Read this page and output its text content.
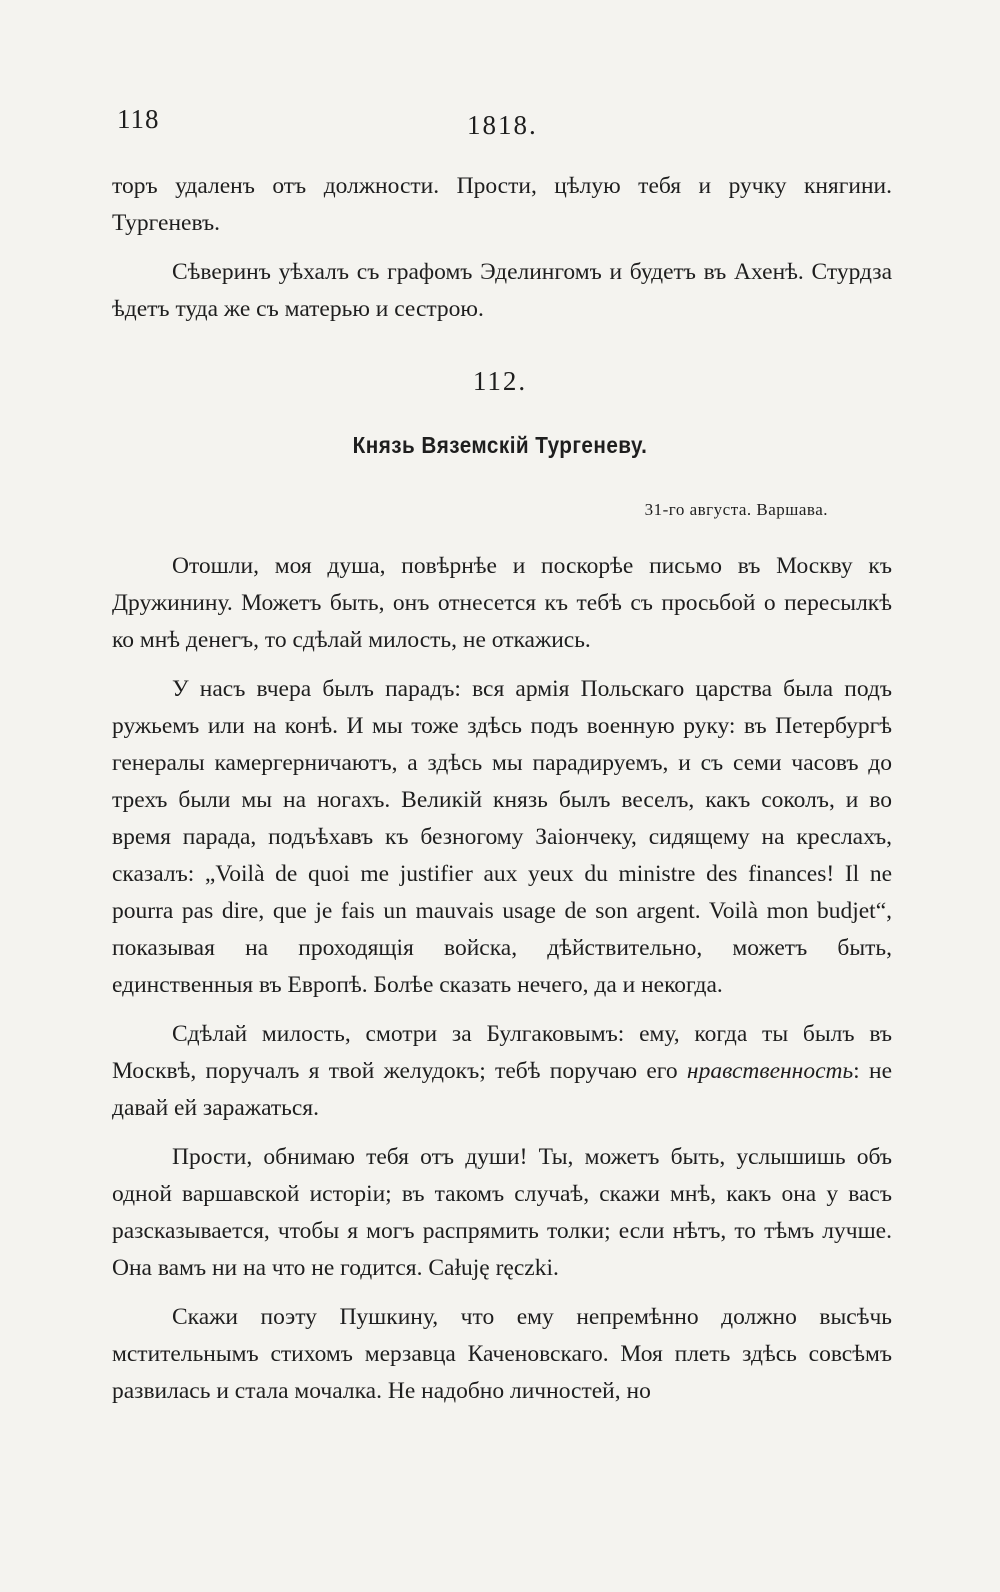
118	1818.

торъ удаленъ отъ должности. Прости, цѣлую тебя и ручку княгини. Тургеневъ.

Сѣверинъ уѣхалъ съ графомъ Эделингомъ и будетъ въ Ахенѣ. Стурдза ѣдетъ туда же съ матерью и сестрою.

112.
Князь Вяземскій Тургеневу.
31-го августа. Варшава.

Отошли, моя душа, повѣрнѣе и поскорѣе письмо въ Москву къ Дружинину. Можетъ быть, онъ отнесется къ тебѣ съ просьбой о пересылкѣ ко мнѣ денегъ, то сдѣлай милость, не откажись.

У насъ вчера былъ парадъ: вся армія Польскаго царства была подъ ружьемъ или на конѣ. И мы тоже здѣсь подъ военную руку: въ Петербургѣ генералы камергерничаютъ, а здѣсь мы парадируемъ, и съ семи часовъ до трехъ были мы на ногахъ. Великій князь былъ веселъ, какъ соколъ, и во время парада, подъѣхавъ къ безногому Заіончеку, сидящему на креслахъ, сказалъ: „Voilà de quoi me justifier aux yeux du ministre des finances! Il ne pourra pas dire, que je fais un mauvais usage de son argent. Voilà mon budjet“, показывая на проходящія войска, дѣйствительно, можетъ быть, единственныя въ Европѣ. Болѣе сказать нечего, да и некогда.

Сдѣлай милость, смотри за Булгаковымъ: ему, когда ты былъ въ Москвѣ, поручалъ я твой желудокъ; тебѣ поручаю его нравственность: не давай ей заражаться.

Прости, обнимаю тебя отъ души! Ты, можетъ быть, услышишь объ одной варшавской исторіи; въ такомъ случаѣ, скажи мнѣ, какъ она у васъ разсказывается, чтобы я могъ распрямить толки; если нѣтъ, то тѣмъ лучше. Она вамъ ни на что не годится. Całuję ręczki.

Скажи поэту Пушкину, что ему непремѣнно должно высѣчь мстительнымъ стихомъ мерзавца Каченовскаго. Моя плеть здѣсь совсѣмъ развилась и стала мочалка. Не надобно личностей, но
